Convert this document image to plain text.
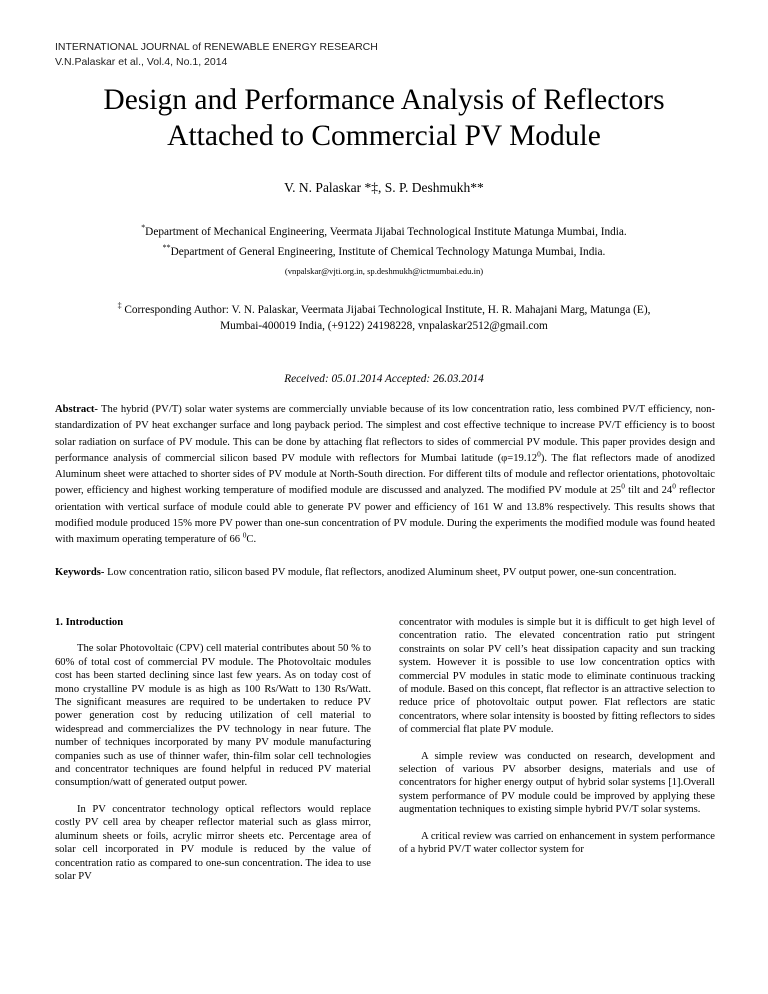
INTERNATIONAL JOURNAL of RENEWABLE ENERGY RESEARCH
V.N.Palaskar et al., Vol.4, No.1, 2014
Design and Performance Analysis of Reflectors
Attached to Commercial PV Module
V. N. Palaskar *‡, S. P. Deshmukh**
*Department of Mechanical Engineering, Veermata Jijabai Technological Institute Matunga Mumbai, India.
**Department of General Engineering, Institute of Chemical Technology Matunga Mumbai, India.
(vnpalskar@vjti.org.in, sp.deshmukh@ictmumbai.edu.in)
‡ Corresponding Author: V. N. Palaskar, Veermata Jijabai Technological Institute, H. R. Mahajani Marg, Matunga (E),
Mumbai-400019 India, (+9122) 24198228, vnpalaskar2512@gmail.com
Received: 05.01.2014 Accepted: 26.03.2014
Abstract- The hybrid (PV/T) solar water systems are commercially unviable because of its low concentration ratio, less combined PV/T efficiency, non-standardization of PV heat exchanger surface and long payback period. The simplest and cost effective technique to increase PV/T efficiency is to boost solar radiation on surface of PV module. This can be done by attaching flat reflectors to sides of commercial PV module. This paper provides design and performance analysis of commercial silicon based PV module with reflectors for Mumbai latitude $(\varphi=19.12^0)$. The flat reflectors made of anodized Aluminum sheet were attached to shorter sides of PV module at North-South direction. For different tilts of module and reflector orientations, photovoltaic power, efficiency and highest working temperature of modified module are discussed and analyzed. The modified PV module at $25^0$ tilt and $24^0$ reflector orientation with vertical surface of module could able to generate PV power and efficiency of 161 W and 13.8% respectively. This results shows that modified module produced 15% more PV power than one-sun concentration of PV module. During the experiments the modified module was found heated with maximum operating temperature of 66 $^0$C.
Keywords- Low concentration ratio, silicon based PV module, flat reflectors, anodized Aluminum sheet, PV output power, one-sun concentration.
1. Introduction

The solar Photovoltaic (CPV) cell material contributes about 50 % to 60% of total cost of commercial PV module. The Photovoltaic modules cost has been started declining since last few years. As on today cost of mono crystalline PV module is as high as 100 Rs/Watt to 130 Rs/Watt. The significant measures are required to be undertaken to reduce PV power generation cost by reducing utilization of cell material to widespread and commercializes the PV technology in near future. The number of techniques incorporated by many PV module manufacturing companies such as use of thinner wafer, thin-film solar cell technologies and concentrator techniques are found helpful in reduced PV material consumption/watt of generated output power.

In PV concentrator technology optical reflectors would replace costly PV cell area by cheaper reflector material such as glass mirror, aluminum sheets or foils, acrylic mirror sheets etc. Percentage area of solar cell incorporated in PV module is reduced by the value of concentration ratio as compared to one-sun concentration. The idea to use solar PV

concentrator with modules is simple but it is difficult to get high level of concentration ratio. The elevated concentration ratio put stringent constraints on solar PV cell’s heat dissipation capacity and sun tracking system. However it is possible to use low concentration optics with commercial PV modules in static mode to eliminate continuous tracking of module. Based on this concept, flat reflector is an attractive selection to reduce price of photovoltaic output power. Flat reflectors are static concentrators, where solar intensity is boosted by fitting reflectors to sides of commercial flat plate PV module.

A simple review was conducted on research, development and selection of various PV absorber designs, materials and use of concentrators for higher energy output of hybrid solar systems [1].Overall system performance of PV module could be improved by applying these augmentation techniques to existing simple hybrid PV/T solar systems.

A critical review was carried on enhancement in system performance of a hybrid PV/T water collector system for
